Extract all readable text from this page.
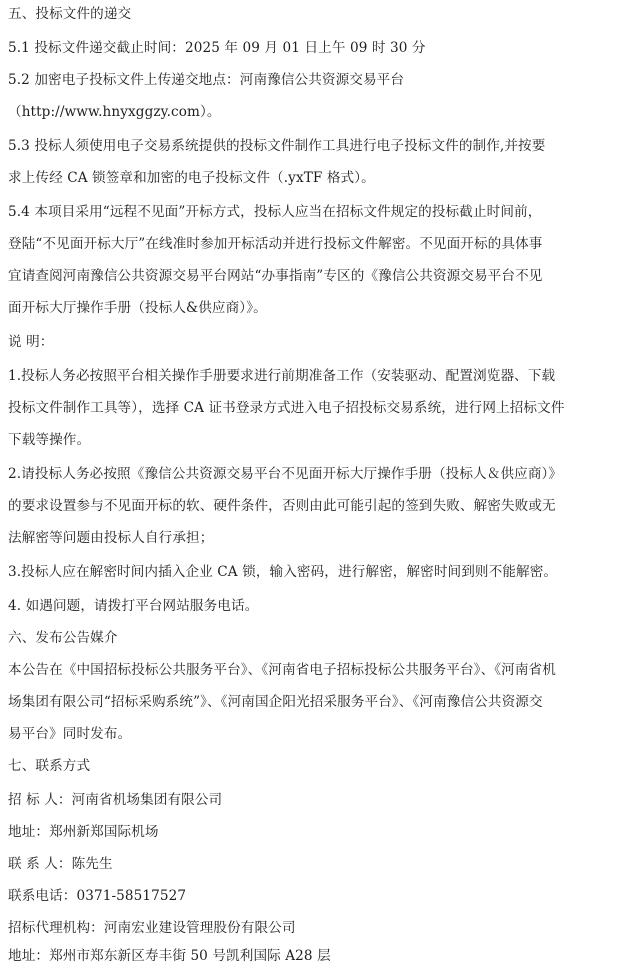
五、投标文件的递交
5.1 投标文件递交截止时间：2025 年 09 月 01 日上午 09 时 30 分
5.2 加密电子投标文件上传递交地点：河南豫信公共资源交易平台
（http://www.hnyxggzy.com）。
5.3 投标人须使用电子交易系统提供的投标文件制作工具进行电子投标文件的制作,并按要
求上传经 CA 锁签章和加密的电子投标文件（.yxTF 格式）。
5.4 本项目采用“远程不见面”开标方式，投标人应当在招标文件规定的投标截止时间前，
登陆“不见面开标大厅”在线准时参加开标活动并进行投标文件解密。不见面开标的具体事
宜请查阅河南豫信公共资源交易平台网站“办事指南”专区的《豫信公共资源交易平台不见
面开标大厅操作手册（投标人&供应商）》。
说 明：
1.投标人务必按照平台相关操作手册要求进行前期准备工作（安装驱动、配置浏览器、下载
投标文件制作工具等），选择 CA 证书登录方式进入电子招投标交易系统，进行网上招标文件
下载等操作。
2.请投标人务必按照《豫信公共资源交易平台不见面开标大厅操作手册（投标人＆供应商）》
的要求设置参与不见面开标的软、硬件条件，否则由此可能引起的签到失败、解密失败或无
法解密等问题由投标人自行承担；
3.投标人应在解密时间内插入企业 CA 锁，输入密码，进行解密，解密时间到则不能解密。
4. 如遇问题，请拨打平台网站服务电话。
六、发布公告媒介
本公告在《中国招标投标公共服务平台》、《河南省电子招标投标公共服务平台》、《河南省机
场集团有限公司“招标采购系统”》、《河南国企阳光招采服务平台》、《河南豫信公共资源交
易平台》同时发布。
七、联系方式
招 标 人：河南省机场集团有限公司
地址：郑州新郑国际机场
联 系 人：陈先生
联系电话：0371-58517527
招标代理机构：河南宏业建设管理股份有限公司
地址：郑州市郑东新区寿丰街 50 号凯利国际 A28 层
